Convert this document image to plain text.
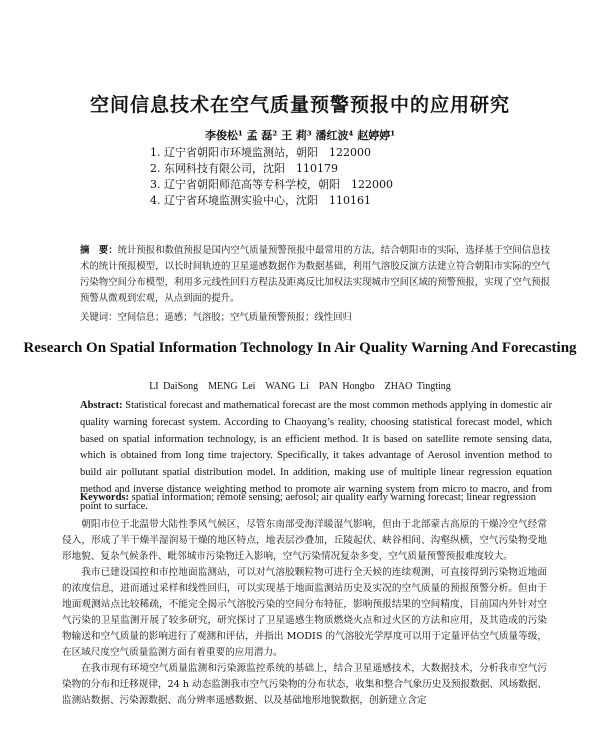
空间信息技术在空气质量预警预报中的应用研究
李俊松¹ 孟 磊² 王 莉³ 潘红波⁴ 赵婷婷¹
1. 辽宁省朝阳市环境监测站，朝阳　122000
2. 东网科技有限公司，沈阳　110179
3. 辽宁省朝阳师范高等专科学校，朝阳　122000
4. 辽宁省环境监测实验中心，沈阳　110161
摘　要：统计预报和数值预报是国内空气质量预警预报中最常用的方法，结合朝阳市的实际，选择基于空间信息技术的统计预报模型，以长时间轨迹的卫星遥感数据作为数据基础，利用气溶胶反演方法建立符合朝阳市实际的空气污染物空间分布模型，利用多元线性回归方程法及距离反比加权法实现城市空间区域的预警预报，实现了空气预报预警从微观到宏观，从点到面的提升。
关键词：空间信息；遥感；气溶胶；空气质量预警预报；线性回归
Research On Spatial Information Technology In Air Quality Warning And Forecasting
LI DaiSong　MENG Lei　WANG Li　PAN Hongbo　ZHAO Tingting
Abstract: Statistical forecast and mathematical forecast are the most common methods applying in domestic air quality warning forecast system. According to Chaoyang’s reality, choosing statistical forecast model, which based on spatial information technology, is an efficient method. It is based on satellite remote sensing data, which is obtained from long time trajectory. Specifically, it takes advantage of Aerosol invention method to build air pollutant spatial distribution model. In addition, making use of multiple linear regression equation method and inverse distance weighting method to promote air warning system from micro to macro, and from point to surface.
Keywords: spatial information; remote sensing; aerosol; air quality early warning forecast; linear regression

朝阳市位于北温带大陆性季风气候区，尽管东南部受海洋暖湿气影响，但由于北部蒙古高原的干燥冷空气经常侵入，形成了半干燥半湿润易干燥的地区特点，地表层沙叠加，丘陵起伏、峡谷相间、沟壑纵横，空气污染物受地形地貌、复杂气候条件、毗邻城市污染物迁入影响，空气污染情况复杂多变，空气质量预警预报难度较大。

我市已建设国控和市控地面监测站，可以对气溶胶颗粒物可进行全天候的连续观测，可直接得到污染物近地面的浓度信息，进而通过采样和线性回归，可以实现基于地面监测站历史及实况的空气质量的预报预警分析。但由于地面观测站点比较稀疏，不能完全揭示气溶胶污染的空间分布特征，影响预报结果的空间精度，目前国内外针对空气污染的卫星监测开展了较多研究，研究探讨了卫星遥感生物质燃烧火点和过火区的方法和应用，及其造成的污染物输送和空气质量的影响进行了观测和评估，并指出 MODIS 的气溶胶光学厚度可以用于定量评估空气质量等级，在区域尺度空气质量监测方面有着重要的应用潜力。

在我市现有环境空气质量监测和污染源监控系统的基础上，结合卫星遥感技术，大数据技术，分析我市空气污染物的分布和迁移规律，24 h 动态监测我市空气污染物的分布状态，收集和整合气象历史及预报数据、风场数据、监测站数据、污染源数据、高分辨率遥感数据、以及基础地形地貌数据，创新建立含定
